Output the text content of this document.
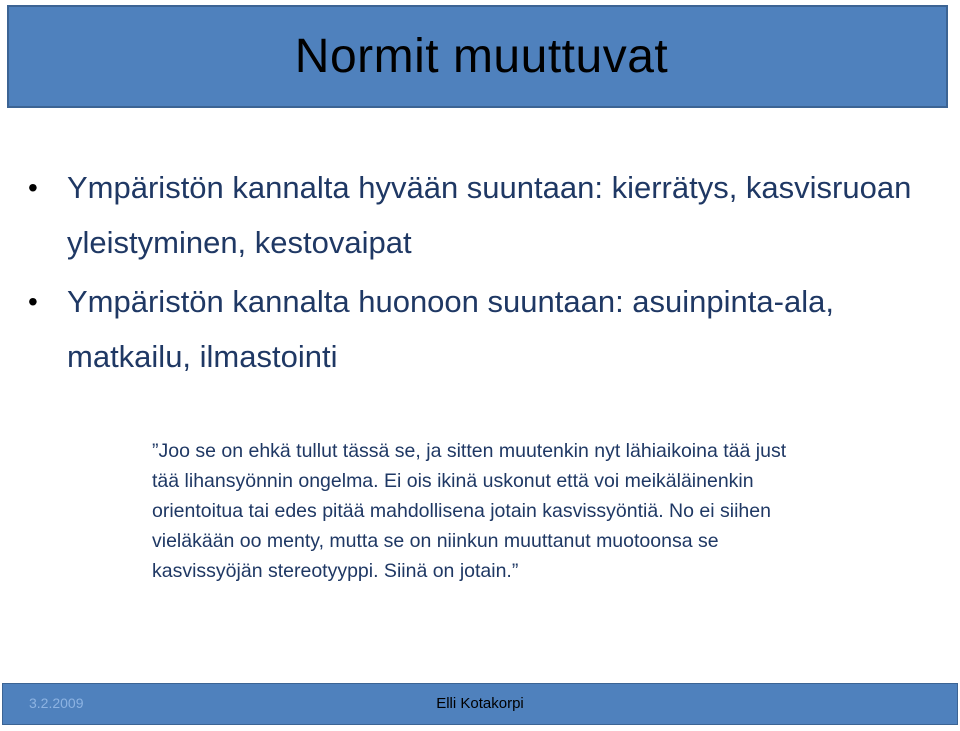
Normit muuttuvat
• Ympäristön kannalta hyvään suuntaan: kierrätys, kasvisruoan yleistyminen, kestovaipat
• Ympäristön kannalta huonoon suuntaan: asuinpinta-ala, matkailu, ilmastointi
”Joo se on ehkä tullut tässä se, ja sitten muutenkin nyt lähiaikoina tää just tää lihansyönnin ongelma. Ei ois ikinä uskonut että voi meikäläinenkin orientoitua tai edes pitää mahdollisena jotain kasvissyöntiä. No ei siihen vieläkään oo menty, mutta se on niinkun muuttanut muotoonsa se kasvissyöjän stereotyyppi. Siinä on jotain.”
3.2.2009	Elli Kotakorpi
